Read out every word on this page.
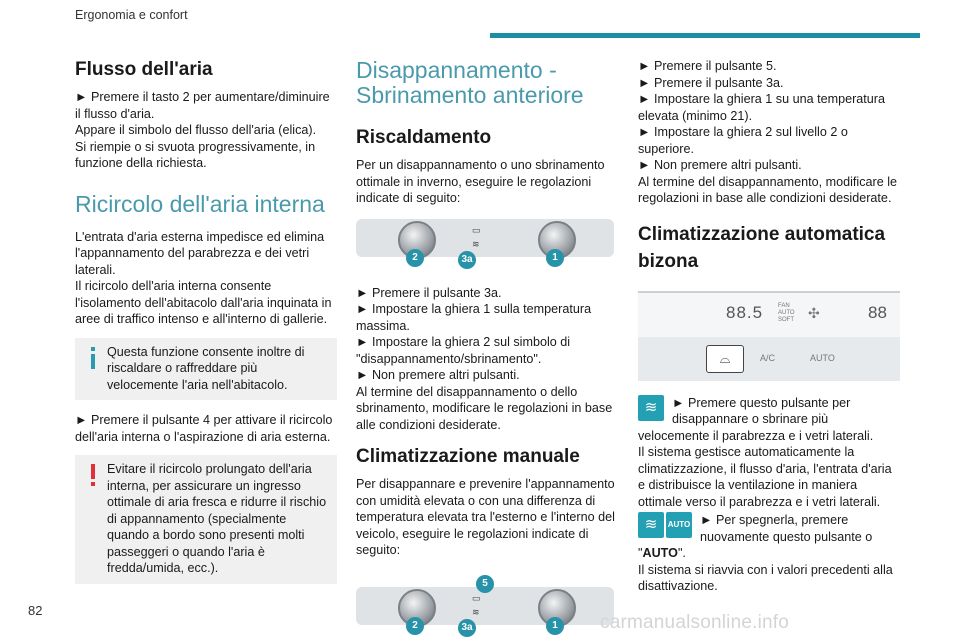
Ergonomia e confort
Flusso dell'aria

► Premere il tasto 2 per aumentare/diminuire il flusso d'aria.

Appare il simbolo del flusso dell'aria (elica).

Si riempie o si svuota progressivamente, in funzione della richiesta.

Ricircolo dell'aria interna

L'entrata d'aria esterna impedisce ed elimina l'appannamento del parabrezza e dei vetri laterali.

Il ricircolo dell'aria interna consente l'isolamento dell'abitacolo dall'aria inquinata in aree di traffico intenso e all'interno di gallerie.

Questa funzione consente inoltre di riscaldare o raffreddare più velocemente l'aria nell'abitacolo.

► Premere il pulsante 4 per attivare il ricircolo dell'aria interna o l'aspirazione di aria esterna.

Evitare il ricircolo prolungato dell'aria interna, per assicurare un ingresso ottimale di aria fresca e ridurre il rischio di appannamento (specialmente quando a bordo sono presenti molti passeggeri o quando l'aria è fredda/umida, ecc.).

Disappannamento - Sbrinamento anteriore
Riscaldamento

Per un disappannamento o uno sbrinamento ottimale in inverno, eseguire le regolazioni indicate di seguito:

▭
≋
2	3a	1

► Premere il pulsante 3a.

► Impostare la ghiera 1 sulla temperatura massima.

► Impostare la ghiera 2 sul simbolo di "disappannamento/sbrinamento".

► Non premere altri pulsanti.

Al termine del disappannamento o dello sbrinamento, modificare le regolazioni in base alle condizioni desiderate.

Climatizzazione manuale

Per disappannare e prevenire l'appannamento con umidità elevata o con una differenza di temperatura elevata tra l'esterno e l'interno del veicolo, eseguire le regolazioni indicate di seguito:

▭
≋
5
2	3a	1

► Premere il pulsante 5.

► Premere il pulsante 3a.

► Impostare la ghiera 1 su una temperatura elevata (minimo 21).

► Impostare la ghiera 2 sul livello 2 o superiore.

► Non premere altri pulsanti.

Al termine del disappannamento, modificare le regolazioni in base alle condizioni desiderate.

Climatizzazione automatica bizona
88.5 FAN
AUTO
SOFT ✣	88
⌓	A/C	AUTO
≋	► Premere questo pulsante per disappannare o sbrinare più velocemente il parabrezza e i vetri laterali.

Il sistema gestisce automaticamente la climatizzazione, il flusso d'aria, l'entrata d'aria e distribuisce la ventilazione in maniera ottimale verso il parabrezza e i vetri laterali.

≋	AUTO ► Per spegnerla, premere nuovamente questo pulsante o

"AUTO".

Il sistema si riavvia con i valori precedenti alla disattivazione.

82
carmanualsonline.info
